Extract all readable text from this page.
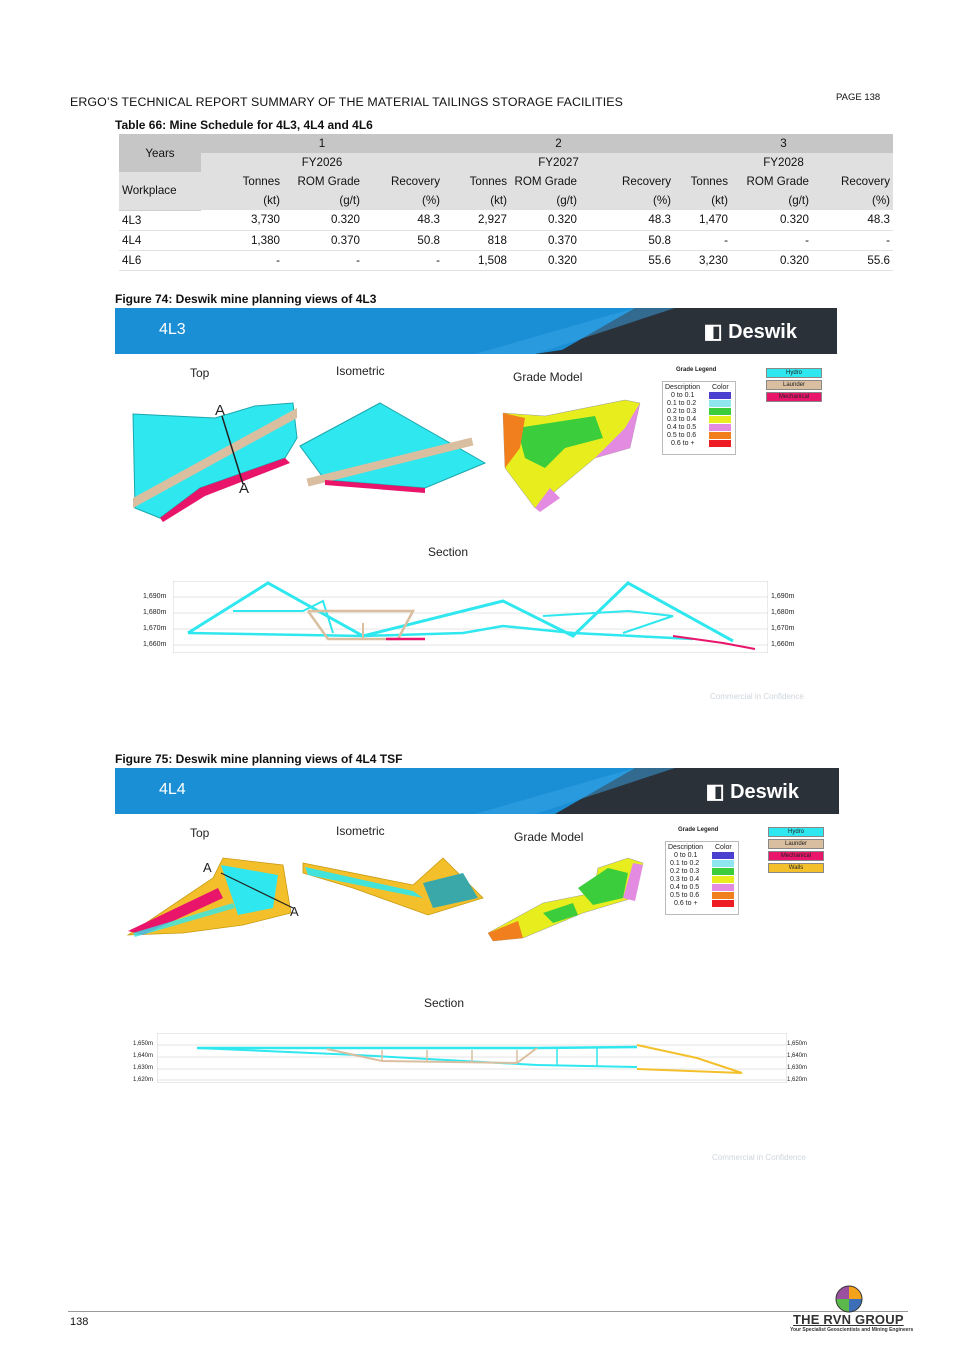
ERGO’S TECHNICAL REPORT SUMMARY OF THE MATERIAL TAILINGS STORAGE FACILITIES	PAGE 138
Table 66: Mine Schedule for 4L3, 4L4 and 4L6
Years	1			2			3		
	FY2026			FY2027			FY2028		
Workplace	Tonnes	ROM Grade	Recovery	Tonnes	ROM Grade	Recovery	Tonnes	ROM Grade	Recovery
	(kt)	(g/t)	(%)	(kt)	(g/t)	(%)	(kt)	(g/t)	(%)
4L3	3,730	0.320	48.3	2,927	0.320	48.3	1,470	0.320	48.3
4L4	1,380	0.370	50.8	818	0.370	50.8	-	-	-
4L6	-	-	-	1,508	0.320	55.6	3,230	0.320	55.6
Figure 74: Deswik mine planning views of 4L3
4L3	◧ Deswik
Top	Isometric	Grade Model
A
A
Grade Legend
Description Color
0 to 0.1
0.1 to 0.2
0.2 to 0.3
0.3 to 0.4
0.4 to 0.5
0.5 to 0.6
0.6 to +
Hydro
Launder
Mechanical
Section
1,690m
1,680m
1,670m
1,660m
1,690m
1,680m
1,670m
1,660m
Commercial in Confidence
Figure 75: Deswik mine planning views of 4L4 TSF
4L4	◧ Deswik
Top	Isometric	Grade Model
A
A
Grade Legend
Description Color
0 to 0.1
0.1 to 0.2
0.2 to 0.3
0.3 to 0.4
0.4 to 0.5
0.5 to 0.6
0.6 to +
Hydro
Launder
Mechanical
Walls
Section
1,650m
1,640m
1,630m
1,620m
1,650m
1,640m
1,630m
1,620m
Commercial in Confidence
138	THE RVN GROUP
Your Specialist Geoscientists and Mining Engineers
